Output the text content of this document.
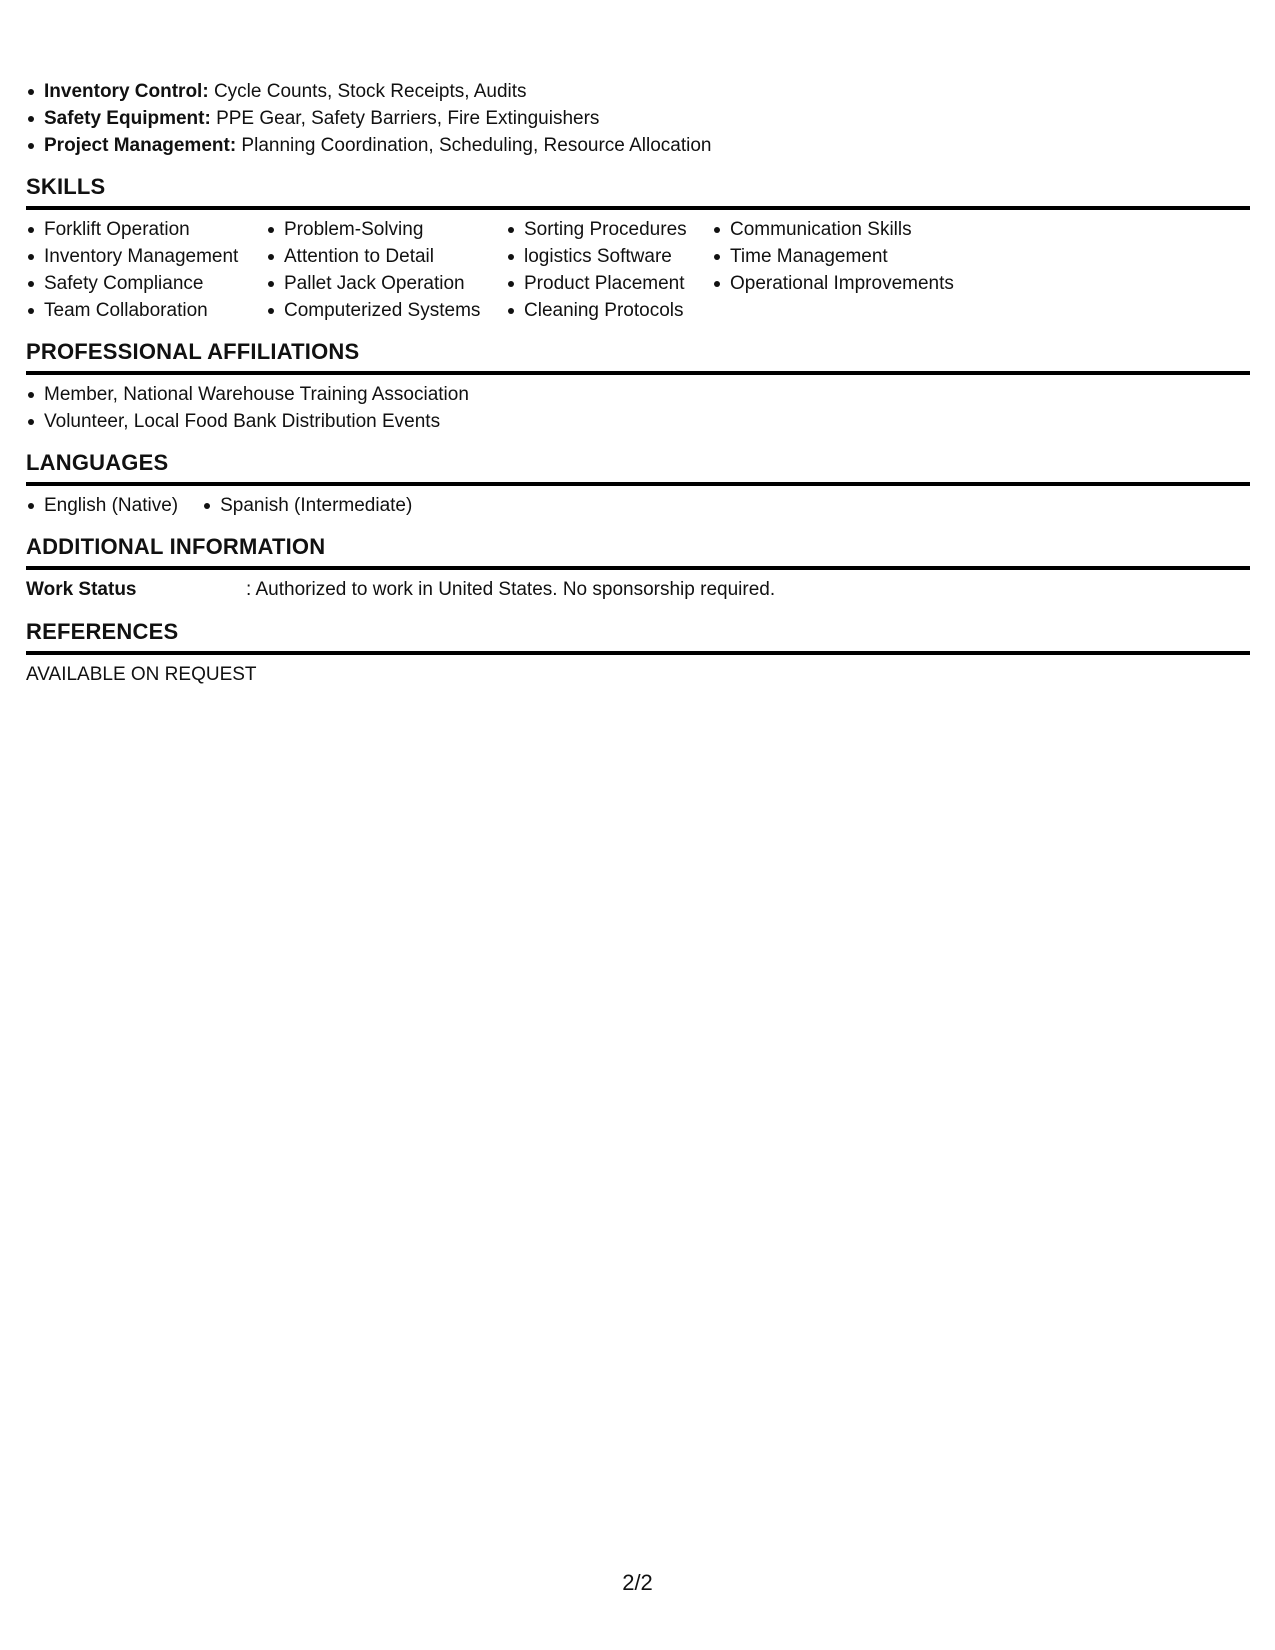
Inventory Control: Cycle Counts, Stock Receipts, Audits
Safety Equipment: PPE Gear, Safety Barriers, Fire Extinguishers
Project Management: Planning Coordination, Scheduling, Resource Allocation
SKILLS
Forklift Operation
Inventory Management
Safety Compliance
Team Collaboration
Problem-Solving
Attention to Detail
Pallet Jack Operation
Computerized Systems
Sorting Procedures
logistics Software
Product Placement
Cleaning Protocols
Communication Skills
Time Management
Operational Improvements
PROFESSIONAL AFFILIATIONS
Member, National Warehouse Training Association
Volunteer, Local Food Bank Distribution Events
LANGUAGES
English (Native)	Spanish (Intermediate)
ADDITIONAL INFORMATION
Work Status	: Authorized to work in United States. No sponsorship required.
REFERENCES
AVAILABLE ON REQUEST
2/2
